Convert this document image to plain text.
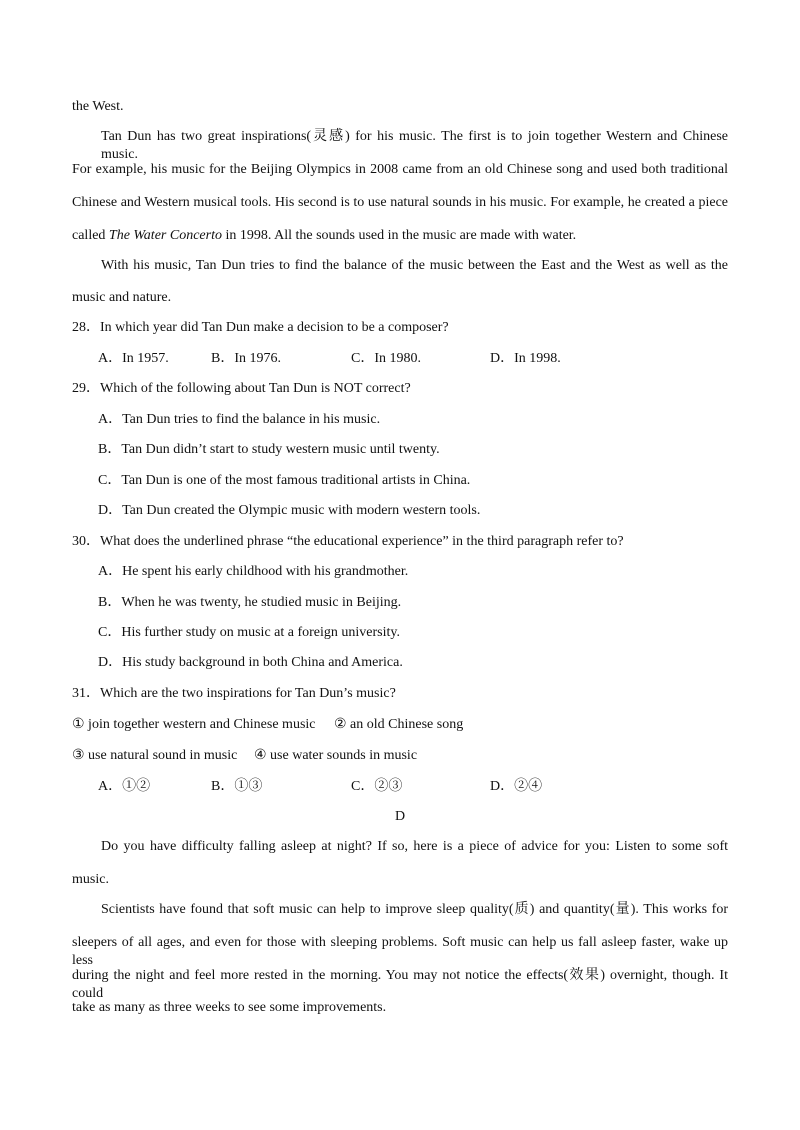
the West.
Tan Dun has two great inspirations(灵感) for his music. The first is to join together Western and Chinese music.
For example, his music for the Beijing Olympics in 2008 came from an old Chinese song and used both traditional
Chinese and Western musical tools. His second is to use natural sounds in his music. For example, he created a piece
called The Water Concerto in 1998. All the sounds used in the music are made with water.
With his music, Tan Dun tries to find the balance of the music between the East and the West as well as the
music and nature.
28．In which year did Tan Dun make a decision to be a composer?
A．In 1957.	B．In 1976.	C．In 1980.	D．In 1998.
29．Which of the following about Tan Dun is NOT correct?
A．Tan Dun tries to find the balance in his music.
B．Tan Dun didn’t start to study western music until twenty.
C．Tan Dun is one of the most famous traditional artists in China.
D．Tan Dun created the Olympic music with modern western tools.
30．What does the underlined phrase “the educational experience” in the third paragraph refer to?
A．He spent his early childhood with his grandmother.
B．When he was twenty, he studied music in Beijing.
C．His further study on music at a foreign university.
D．His study background in both China and America.
31．Which are the two inspirations for Tan Dun’s music?
① join together western and Chinese music ② an old Chinese song
③ use natural sound in music ④ use water sounds in music
A．①②	B．①③	C．②③	D．②④
D
Do you have difficulty falling asleep at night? If so, here is a piece of advice for you: Listen to some soft
music.
Scientists have found that soft music can help to improve sleep quality(质) and quantity(量). This works for
sleepers of all ages, and even for those with sleeping problems. Soft music can help us fall asleep faster, wake up less
during the night and feel more rested in the morning. You may not notice the effects(效果) overnight, though. It could
take as many as three weeks to see some improvements.
